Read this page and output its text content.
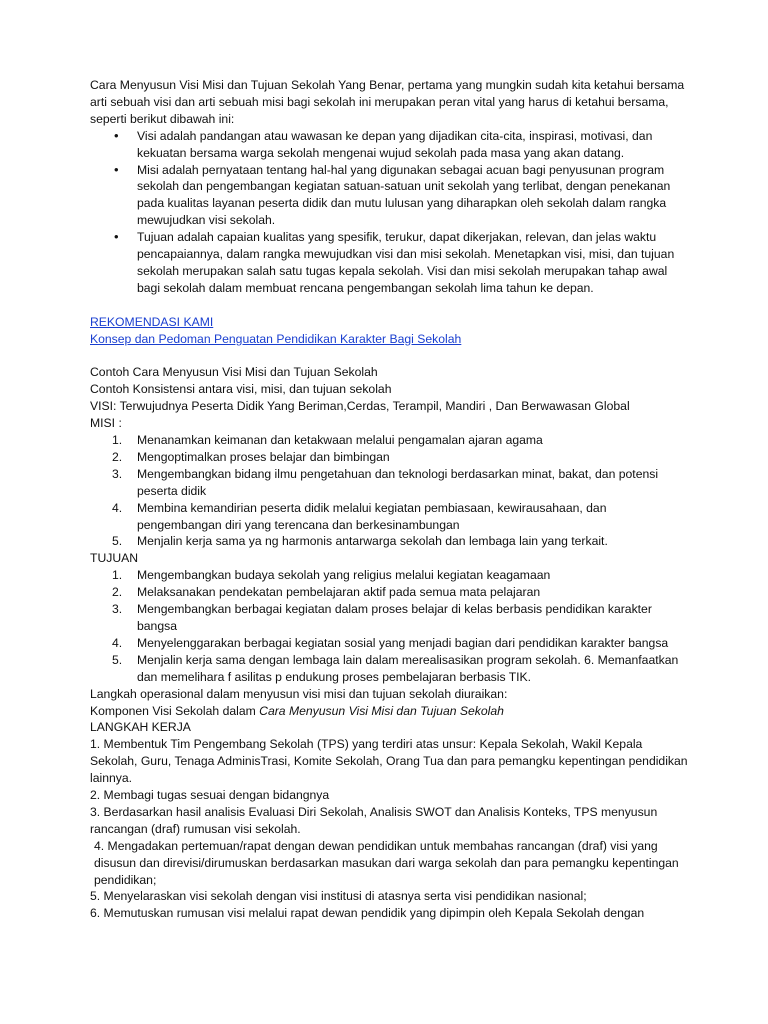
Cara Menyusun Visi Misi dan Tujuan Sekolah Yang Benar, pertama yang mungkin sudah kita ketahui bersama arti sebuah visi dan arti sebuah misi bagi sekolah ini merupakan peran vital yang harus di ketahui bersama, seperti berikut dibawah ini:

• Visi adalah pandangan atau wawasan ke depan yang dijadikan cita-cita, inspirasi, motivasi, dan kekuatan bersama warga sekolah mengenai wujud sekolah pada masa yang akan datang.
• Misi adalah pernyataan tentang hal-hal yang digunakan sebagai acuan bagi penyusunan program sekolah dan pengembangan kegiatan satuan-satuan unit sekolah yang terlibat, dengan penekanan pada kualitas layanan peserta didik dan mutu lulusan yang diharapkan oleh sekolah dalam rangka mewujudkan visi sekolah.
• Tujuan adalah capaian kualitas yang spesifik, terukur, dapat dikerjakan, relevan, dan jelas waktu pencapaiannya, dalam rangka mewujudkan visi dan misi sekolah. Menetapkan visi, misi, dan tujuan sekolah merupakan salah satu tugas kepala sekolah. Visi dan misi sekolah merupakan tahap awal bagi sekolah dalam membuat rencana pengembangan sekolah lima tahun ke depan.

REKOMENDASI KAMI

Konsep dan Pedoman Penguatan Pendidikan Karakter Bagi Sekolah

Contoh Cara Menyusun Visi Misi dan Tujuan Sekolah

Contoh Konsistensi antara visi, misi, dan tujuan sekolah

VISI: Terwujudnya Peserta Didik Yang Beriman,Cerdas, Terampil, Mandiri , Dan Berwawasan Global

MISI :

1. Menanamkan keimanan dan ketakwaan melalui pengamalan ajaran agama
2. Mengoptimalkan proses belajar dan bimbingan
3. Mengembangkan bidang ilmu pengetahuan dan teknologi berdasarkan minat, bakat, dan potensi peserta didik
4. Membina kemandirian peserta didik melalui kegiatan pembiasaan, kewirausahaan, dan pengembangan diri yang terencana dan berkesinambungan
5. Menjalin kerja sama ya ng harmonis antarwarga sekolah dan lembaga lain yang terkait.

TUJUAN

1. Mengembangkan budaya sekolah yang religius melalui kegiatan keagamaan
2. Melaksanakan pendekatan pembelajaran aktif pada semua mata pelajaran
3. Mengembangkan berbagai kegiatan dalam proses belajar di kelas berbasis pendidikan karakter bangsa
4. Menyelenggarakan berbagai kegiatan sosial yang menjadi bagian dari pendidikan karakter bangsa
5. Menjalin kerja sama dengan lembaga lain dalam merealisasikan program sekolah. 6. Memanfaatkan dan memelihara f asilitas p endukung proses pembelajaran berbasis TIK.

Langkah operasional dalam menyusun visi misi dan tujuan sekolah diuraikan:

Komponen Visi Sekolah dalam Cara Menyusun Visi Misi dan Tujuan Sekolah

LANGKAH KERJA

1. Membentuk Tim Pengembang Sekolah (TPS) yang terdiri atas unsur: Kepala Sekolah, Wakil Kepala Sekolah, Guru, Tenaga AdminisTrasi, Komite Sekolah, Orang Tua dan para pemangku kepentingan pendidikan lainnya.

2. Membagi tugas sesuai dengan bidangnya

3. Berdasarkan hasil analisis Evaluasi Diri Sekolah, Analisis SWOT dan Analisis Konteks, TPS menyusun rancangan (draf) rumusan visi sekolah.

4. Mengadakan pertemuan/rapat dengan dewan pendidikan untuk membahas rancangan (draf) visi yang disusun dan direvisi/dirumuskan berdasarkan masukan dari warga sekolah dan para pemangku kepentingan pendidikan;

5. Menyelaraskan visi sekolah dengan visi institusi di atasnya serta visi pendidikan nasional;

6. Memutuskan rumusan visi melalui rapat dewan pendidik yang dipimpin oleh Kepala Sekolah dengan
